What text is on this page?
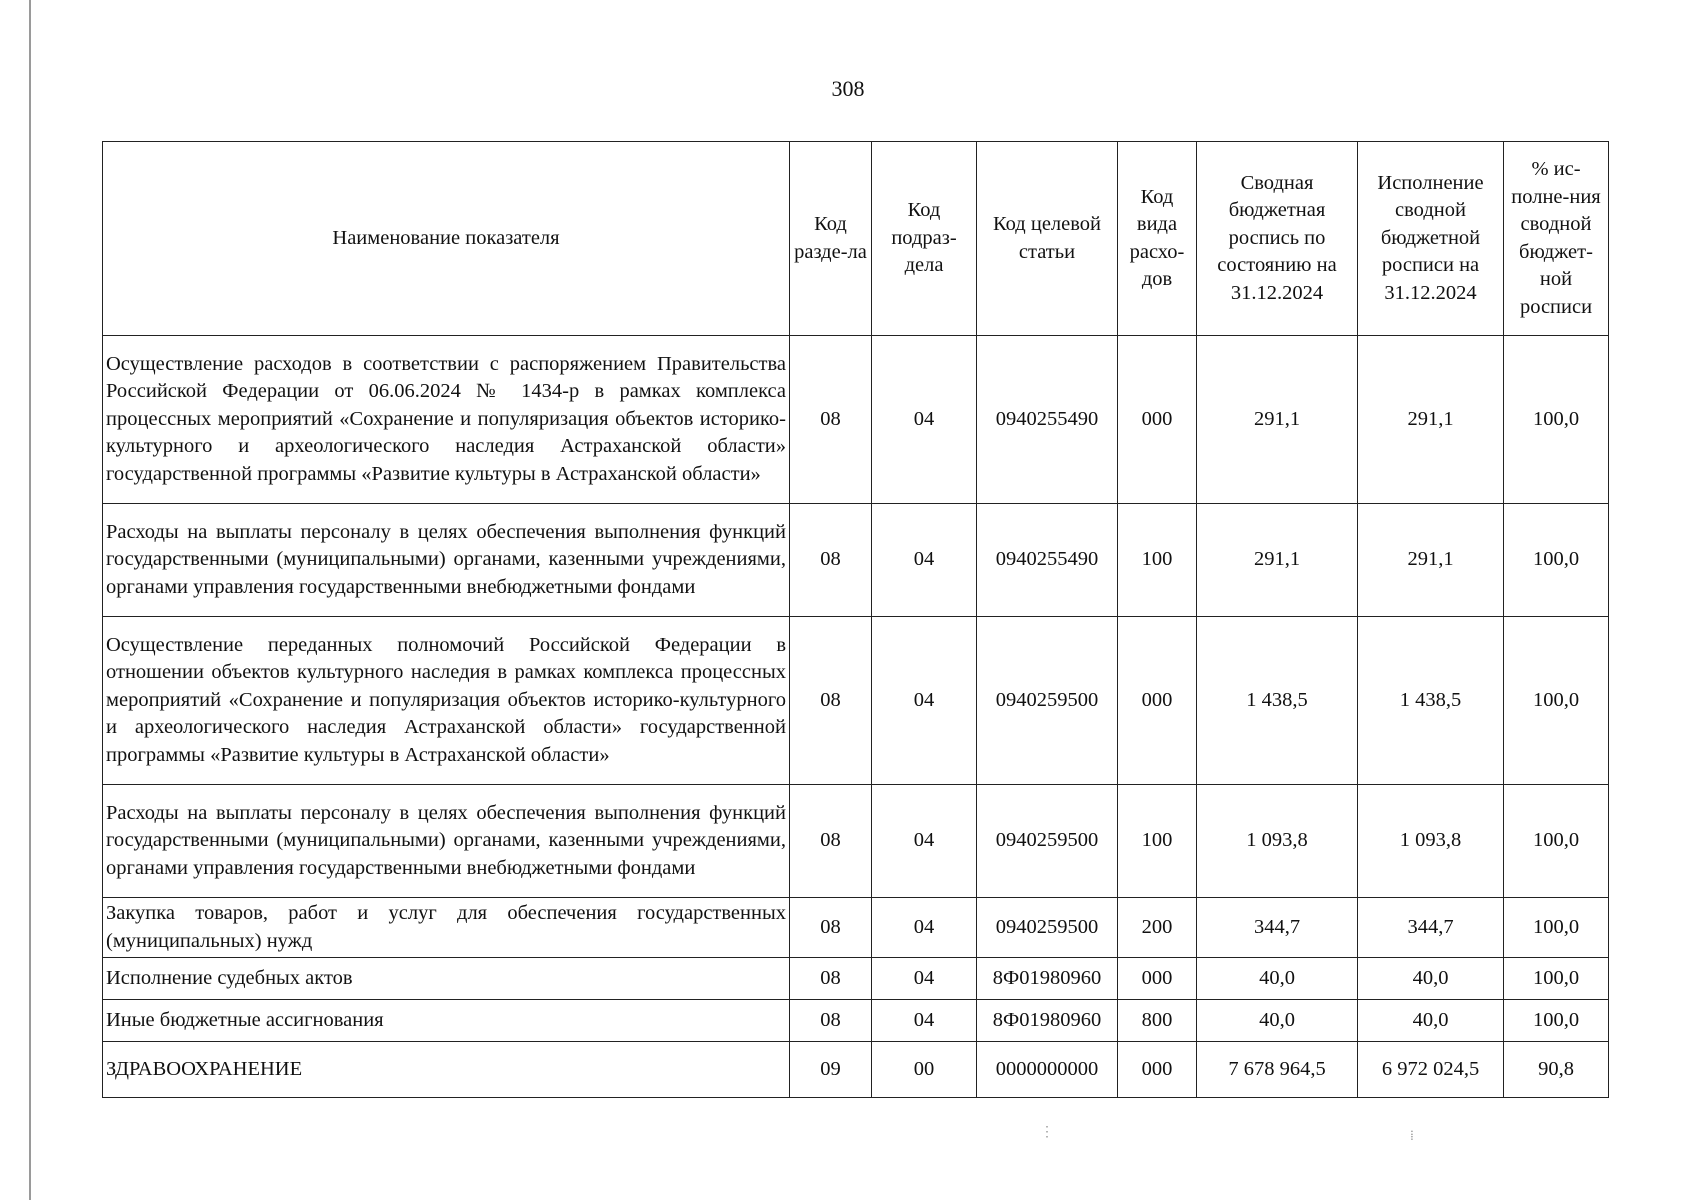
308
Наименование показателя	Код разде-ла	Код подраз-дела	Код целевой статьи	Код вида расхо-дов	Сводная бюджетная роспись по состоянию на 31.12.2024	Исполнение сводной бюджетной росписи на 31.12.2024	% ис-полне-ния сводной бюджет-ной росписи
Осуществление расходов в соответствии с распоряжением Правительства Российской Федерации от 06.06.2024 № 1434-р в рамках комплекса процессных мероприятий «Сохранение и популяризация объектов историко-культурного и археологического наследия Астраханской области» государственной программы «Развитие культуры в Астраханской области»	08	04	0940255490	000	291,1	291,1	100,0
Расходы на выплаты персоналу в целях обеспечения выполнения функций государственными (муниципальными) органами, казенными учреждениями, органами управления государственными внебюджетными фондами	08	04	0940255490	100	291,1	291,1	100,0
Осуществление переданных полномочий Российской Федерации в отношении объектов культурного наследия в рамках комплекса процессных мероприятий «Сохранение и популяризация объектов историко-культурного и археологического наследия Астраханской области» государственной программы «Развитие культуры в Астраханской области»	08	04	0940259500	000	1 438,5	1 438,5	100,0
Расходы на выплаты персоналу в целях обеспечения выполнения функций государственными (муниципальными) органами, казенными учреждениями, органами управления государственными внебюджетными фондами	08	04	0940259500	100	1 093,8	1 093,8	100,0
Закупка товаров, работ и услуг для обеспечения государственных (муниципальных) нужд	08	04	0940259500	200	344,7	344,7	100,0
Исполнение судебных актов	08	04	8Ф01980960	000	40,0	40,0	100,0
Иные бюджетные ассигнования	08	04	8Ф01980960	800	40,0	40,0	100,0
ЗДРАВООХРАНЕНИЕ	09	00	0000000000	000	7 678 964,5	6 972 024,5	90,8
⋮	⁞
